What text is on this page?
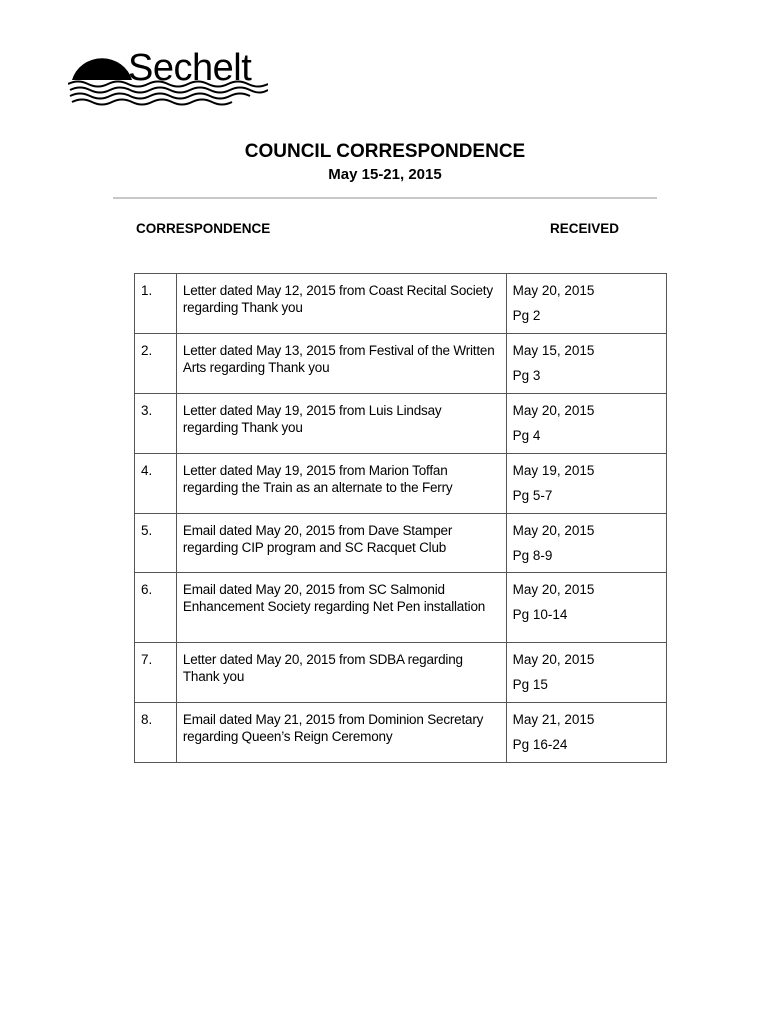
Sechelt
COUNCIL CORRESPONDENCE
May 15-21, 2015
CORRESPONDENCE	RECEIVED
1.	Letter dated May 12, 2015 from Coast Recital Society regarding Thank you	May 20, 2015
Pg 2

2.	Letter dated May 13, 2015 from Festival of the Written Arts regarding Thank you	May 15, 2015
Pg 3

3.	Letter dated May 19, 2015 from Luis Lindsay regarding Thank you	May 20, 2015
Pg 4

4.	Letter dated May 19, 2015 from Marion Toffan regarding the Train as an alternate to the Ferry	May 19, 2015
Pg 5-7

5.	Email dated May 20, 2015 from Dave Stamper regarding CIP program and SC Racquet Club	May 20, 2015
Pg 8-9

6.	Email dated May 20, 2015 from SC Salmonid Enhancement Society regarding Net Pen installation	May 20, 2015
Pg 10-14

7.	Letter dated May 20, 2015 from SDBA regarding Thank you	May 20, 2015
Pg 15

8.	Email dated May 21, 2015 from Dominion Secretary regarding Queen’s Reign Ceremony	May 21, 2015
Pg 16-24
